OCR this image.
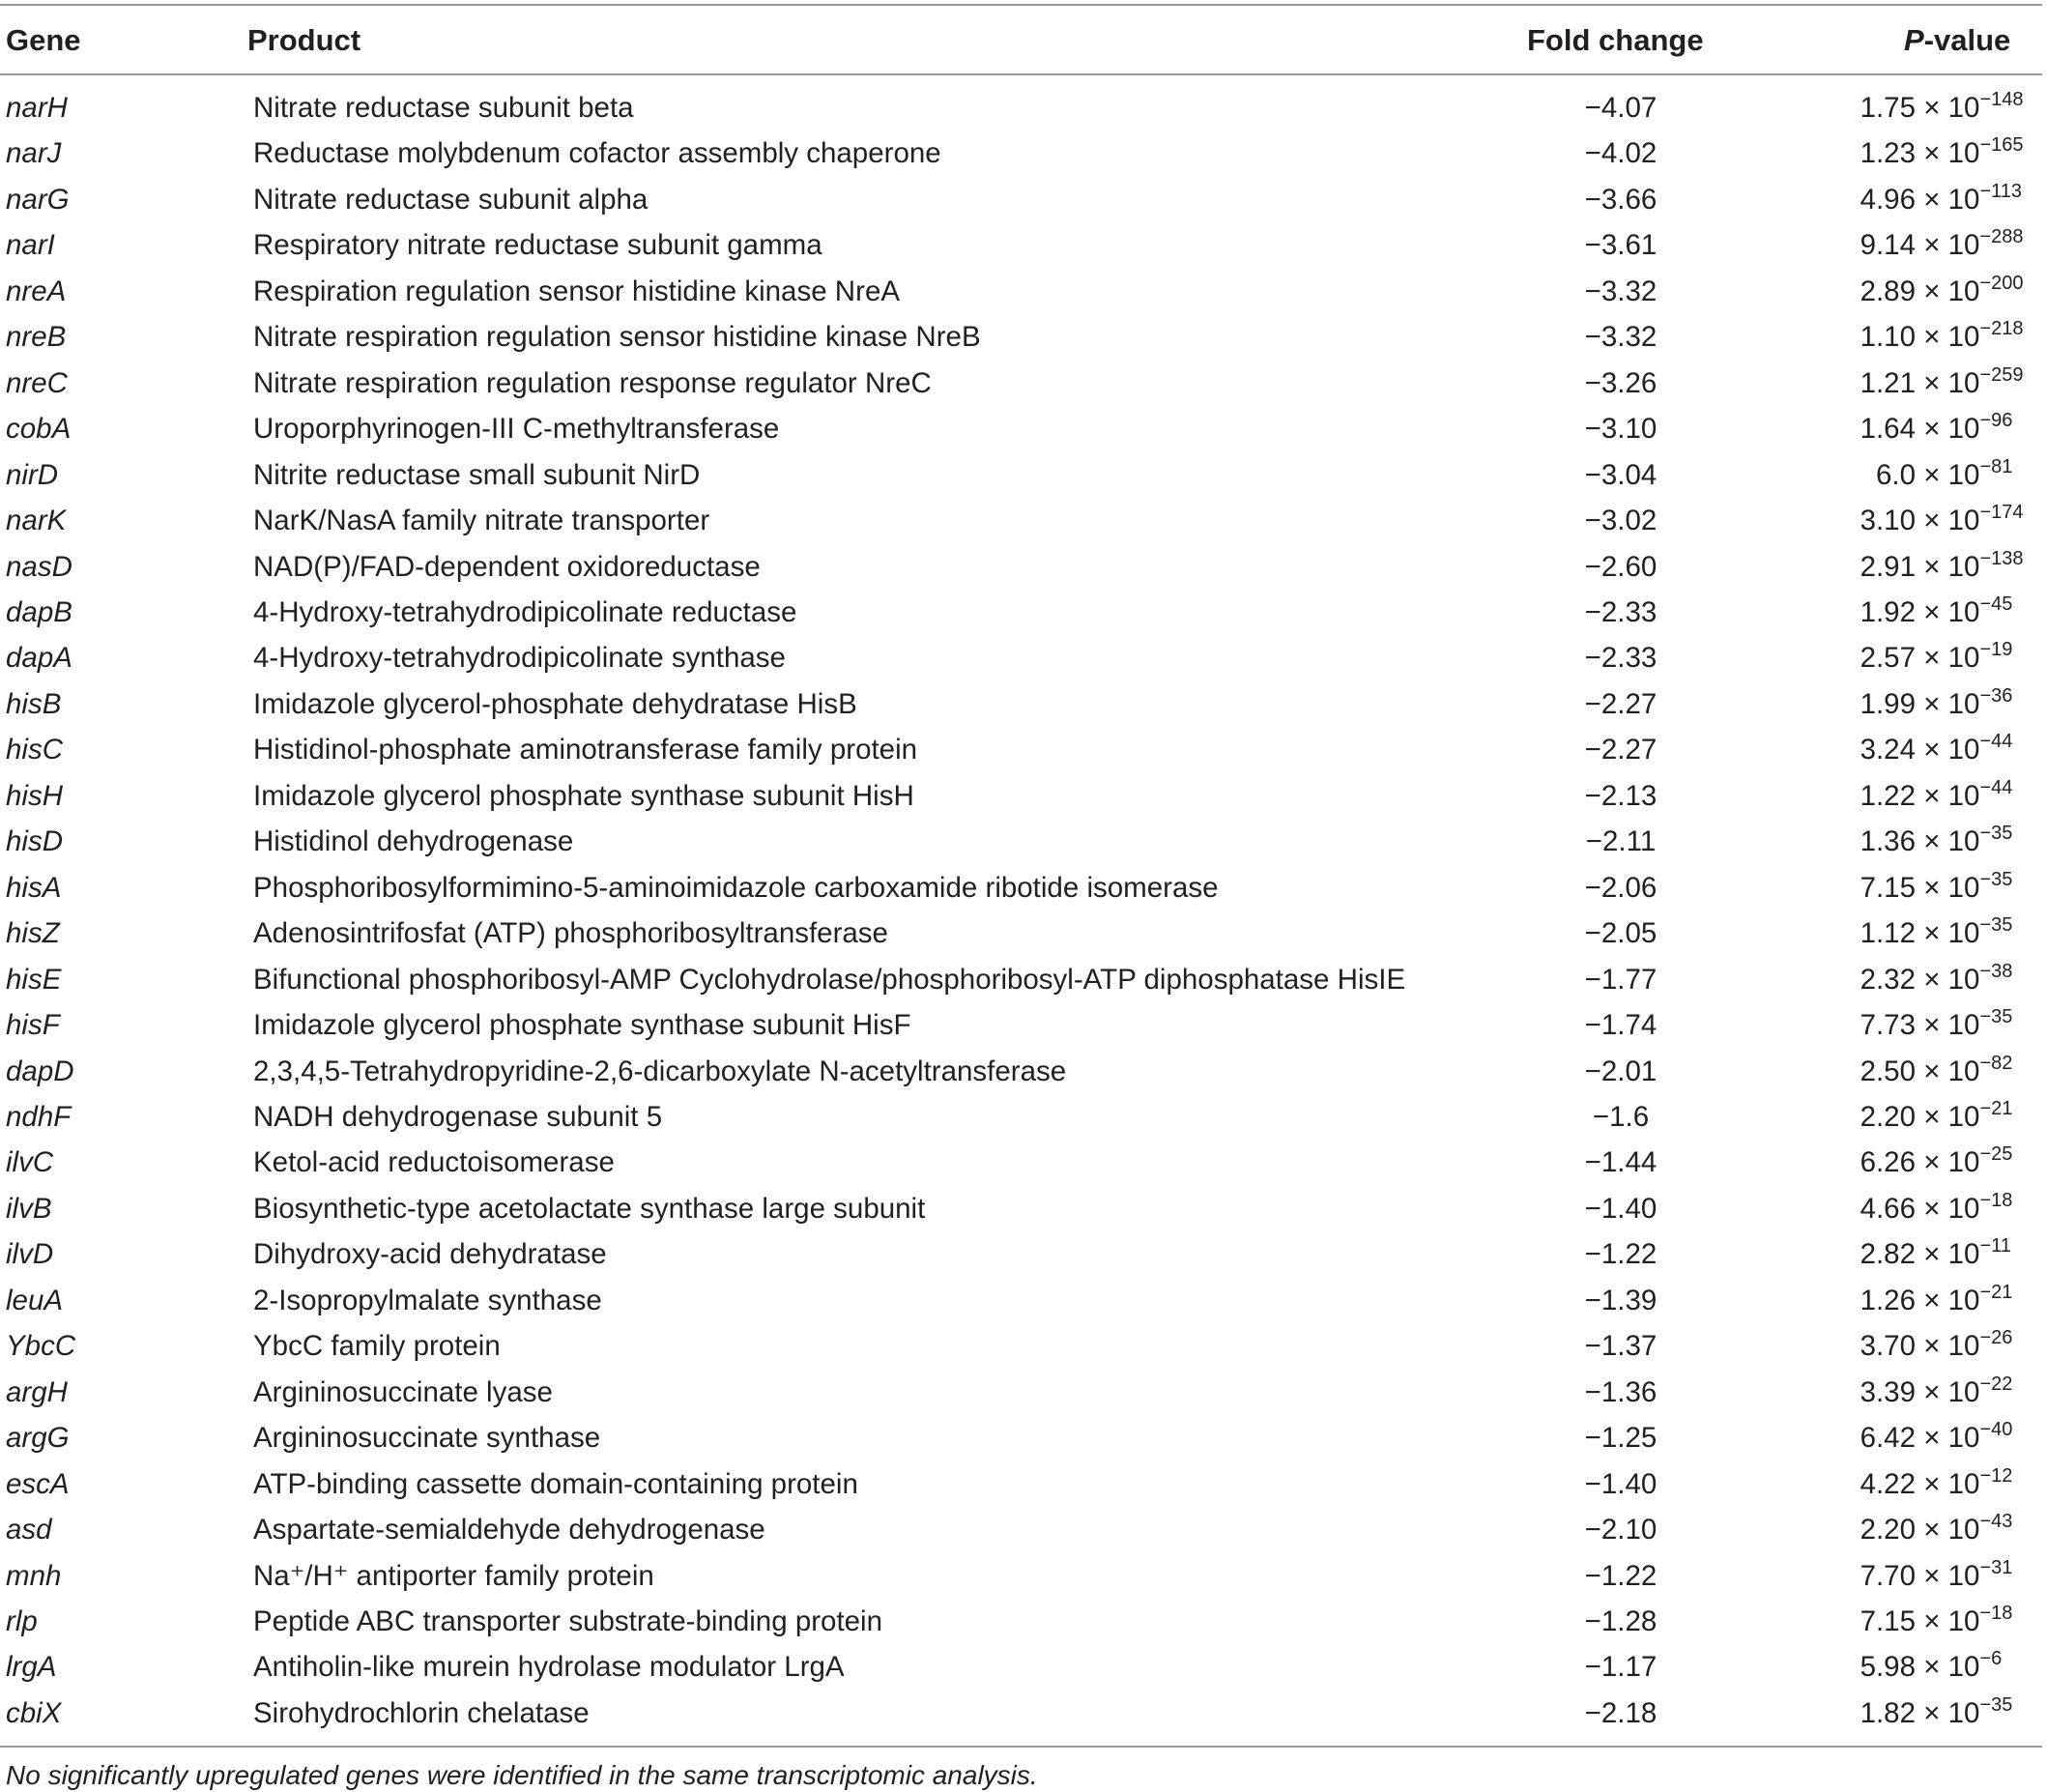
Gene	Product	Fold change	P-value
narH	Nitrate reductase subunit beta	−4.07	$1.75 \times 10^{-148}$
narJ	Reductase molybdenum cofactor assembly chaperone	−4.02	$1.23 \times 10^{-165}$
narG	Nitrate reductase subunit alpha	−3.66	$4.96 \times 10^{-113}$
narI	Respiratory nitrate reductase subunit gamma	−3.61	$9.14 \times 10^{-288}$
nreA	Respiration regulation sensor histidine kinase NreA	−3.32	$2.89 \times 10^{-200}$
nreB	Nitrate respiration regulation sensor histidine kinase NreB	−3.32	$1.10 \times 10^{-218}$
nreC	Nitrate respiration regulation response regulator NreC	−3.26	$1.21 \times 10^{-259}$
cobA	Uroporphyrinogen-III C-methyltransferase	−3.10	$1.64 \times 10^{-96}$
nirD	Nitrite reductase small subunit NirD	−3.04	$6.0 \times 10^{-81}$
narK	NarK/NasA family nitrate transporter	−3.02	$3.10 \times 10^{-174}$
nasD	NAD(P)/FAD-dependent oxidoreductase	−2.60	$2.91 \times 10^{-138}$
dapB	4-Hydroxy-tetrahydrodipicolinate reductase	−2.33	$1.92 \times 10^{-45}$
dapA	4-Hydroxy-tetrahydrodipicolinate synthase	−2.33	$2.57 \times 10^{-19}$
hisB	Imidazole glycerol-phosphate dehydratase HisB	−2.27	$1.99 \times 10^{-36}$
hisC	Histidinol-phosphate aminotransferase family protein	−2.27	$3.24 \times 10^{-44}$
hisH	Imidazole glycerol phosphate synthase subunit HisH	−2.13	$1.22 \times 10^{-44}$
hisD	Histidinol dehydrogenase	−2.11	$1.36 \times 10^{-35}$
hisA	Phosphoribosylformimino-5-aminoimidazole carboxamide ribotide isomerase	−2.06	$7.15 \times 10^{-35}$
hisZ	Adenosintrifosfat (ATP) phosphoribosyltransferase	−2.05	$1.12 \times 10^{-35}$
hisE	Bifunctional phosphoribosyl-AMP Cyclohydrolase/phosphoribosyl-ATP diphosphatase HisIE	−1.77	$2.32 \times 10^{-38}$
hisF	Imidazole glycerol phosphate synthase subunit HisF	−1.74	$7.73 \times 10^{-35}$
dapD	2,3,4,5-Tetrahydropyridine-2,6-dicarboxylate N-acetyltransferase	−2.01	$2.50 \times 10^{-82}$
ndhF	NADH dehydrogenase subunit 5	−1.6	$2.20 \times 10^{-21}$
ilvC	Ketol-acid reductoisomerase	−1.44	$6.26 \times 10^{-25}$
ilvB	Biosynthetic-type acetolactate synthase large subunit	−1.40	$4.66 \times 10^{-18}$
ilvD	Dihydroxy-acid dehydratase	−1.22	$2.82 \times 10^{-11}$
leuA	2-Isopropylmalate synthase	−1.39	$1.26 \times 10^{-21}$
YbcC	YbcC family protein	−1.37	$3.70 \times 10^{-26}$
argH	Argininosuccinate lyase	−1.36	$3.39 \times 10^{-22}$
argG	Argininosuccinate synthase	−1.25	$6.42 \times 10^{-40}$
escA	ATP-binding cassette domain-containing protein	−1.40	$4.22 \times 10^{-12}$
asd	Aspartate-semialdehyde dehydrogenase	−2.10	$2.20 \times 10^{-43}$
mnh	Na⁺/H⁺ antiporter family protein	−1.22	$7.70 \times 10^{-31}$
rlp	Peptide ABC transporter substrate-binding protein	−1.28	$7.15 \times 10^{-18}$
lrgA	Antiholin-like murein hydrolase modulator LrgA	−1.17	$5.98 \times 10^{-6}$
cbiX	Sirohydrochlorin chelatase	−2.18	$1.82 \times 10^{-35}$
No significantly upregulated genes were identified in the same transcriptomic analysis.
